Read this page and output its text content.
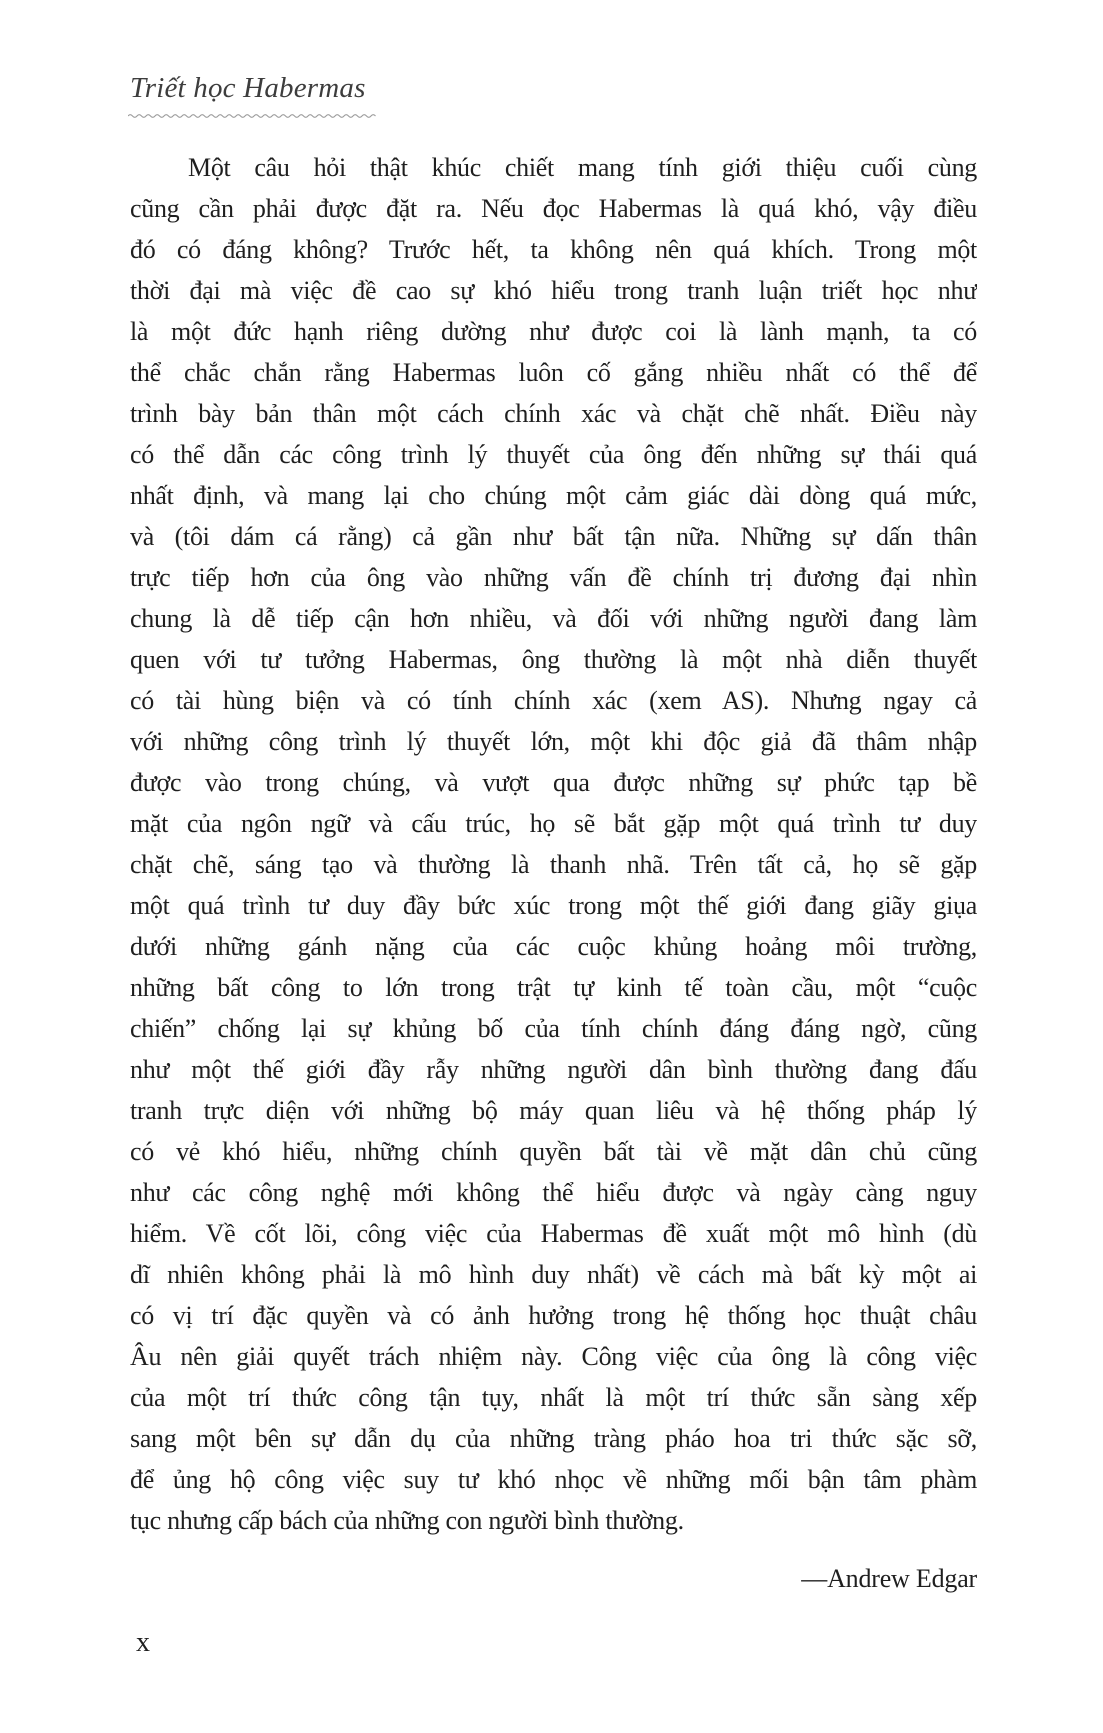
Triết học Habermas
Một câu hỏi thật khúc chiết mang tính giới thiệu cuối cùng
cũng cần phải được đặt ra. Nếu đọc Habermas là quá khó, vậy điều
đó có đáng không? Trước hết, ta không nên quá khích. Trong một
thời đại mà việc đề cao sự khó hiểu trong tranh luận triết học như
là một đức hạnh riêng dường như được coi là lành mạnh, ta có
thể chắc chắn rằng Habermas luôn cố gắng nhiều nhất có thể để
trình bày bản thân một cách chính xác và chặt chẽ nhất. Điều này
có thể dẫn các công trình lý thuyết của ông đến những sự thái quá
nhất định, và mang lại cho chúng một cảm giác dài dòng quá mức,
và (tôi dám cá rằng) cả gần như bất tận nữa. Những sự dấn thân
trực tiếp hơn của ông vào những vấn đề chính trị đương đại nhìn
chung là dễ tiếp cận hơn nhiều, và đối với những người đang làm
quen với tư tưởng Habermas, ông thường là một nhà diễn thuyết
có tài hùng biện và có tính chính xác (xem AS). Nhưng ngay cả
với những công trình lý thuyết lớn, một khi độc giả đã thâm nhập
được vào trong chúng, và vượt qua được những sự phức tạp bề
mặt của ngôn ngữ và cấu trúc, họ sẽ bắt gặp một quá trình tư duy
chặt chẽ, sáng tạo và thường là thanh nhã. Trên tất cả, họ sẽ gặp
một quá trình tư duy đầy bức xúc trong một thế giới đang giãy giụa
dưới những gánh nặng của các cuộc khủng hoảng môi trường,
những bất công to lớn trong trật tự kinh tế toàn cầu, một “cuộc
chiến” chống lại sự khủng bố của tính chính đáng đáng ngờ, cũng
như một thế giới đầy rẫy những người dân bình thường đang đấu
tranh trực diện với những bộ máy quan liêu và hệ thống pháp lý
có vẻ khó hiểu, những chính quyền bất tài về mặt dân chủ cũng
như các công nghệ mới không thể hiểu được và ngày càng nguy
hiểm. Về cốt lõi, công việc của Habermas đề xuất một mô hình (dù
dĩ nhiên không phải là mô hình duy nhất) về cách mà bất kỳ một ai
có vị trí đặc quyền và có ảnh hưởng trong hệ thống học thuật châu
Âu nên giải quyết trách nhiệm này. Công việc của ông là công việc
của một trí thức công tận tụy, nhất là một trí thức sẵn sàng xếp
sang một bên sự dẫn dụ của những tràng pháo hoa tri thức sặc sỡ,
để ủng hộ công việc suy tư khó nhọc về những mối bận tâm phàm
tục nhưng cấp bách của những con người bình thường.
—Andrew Edgar
x
